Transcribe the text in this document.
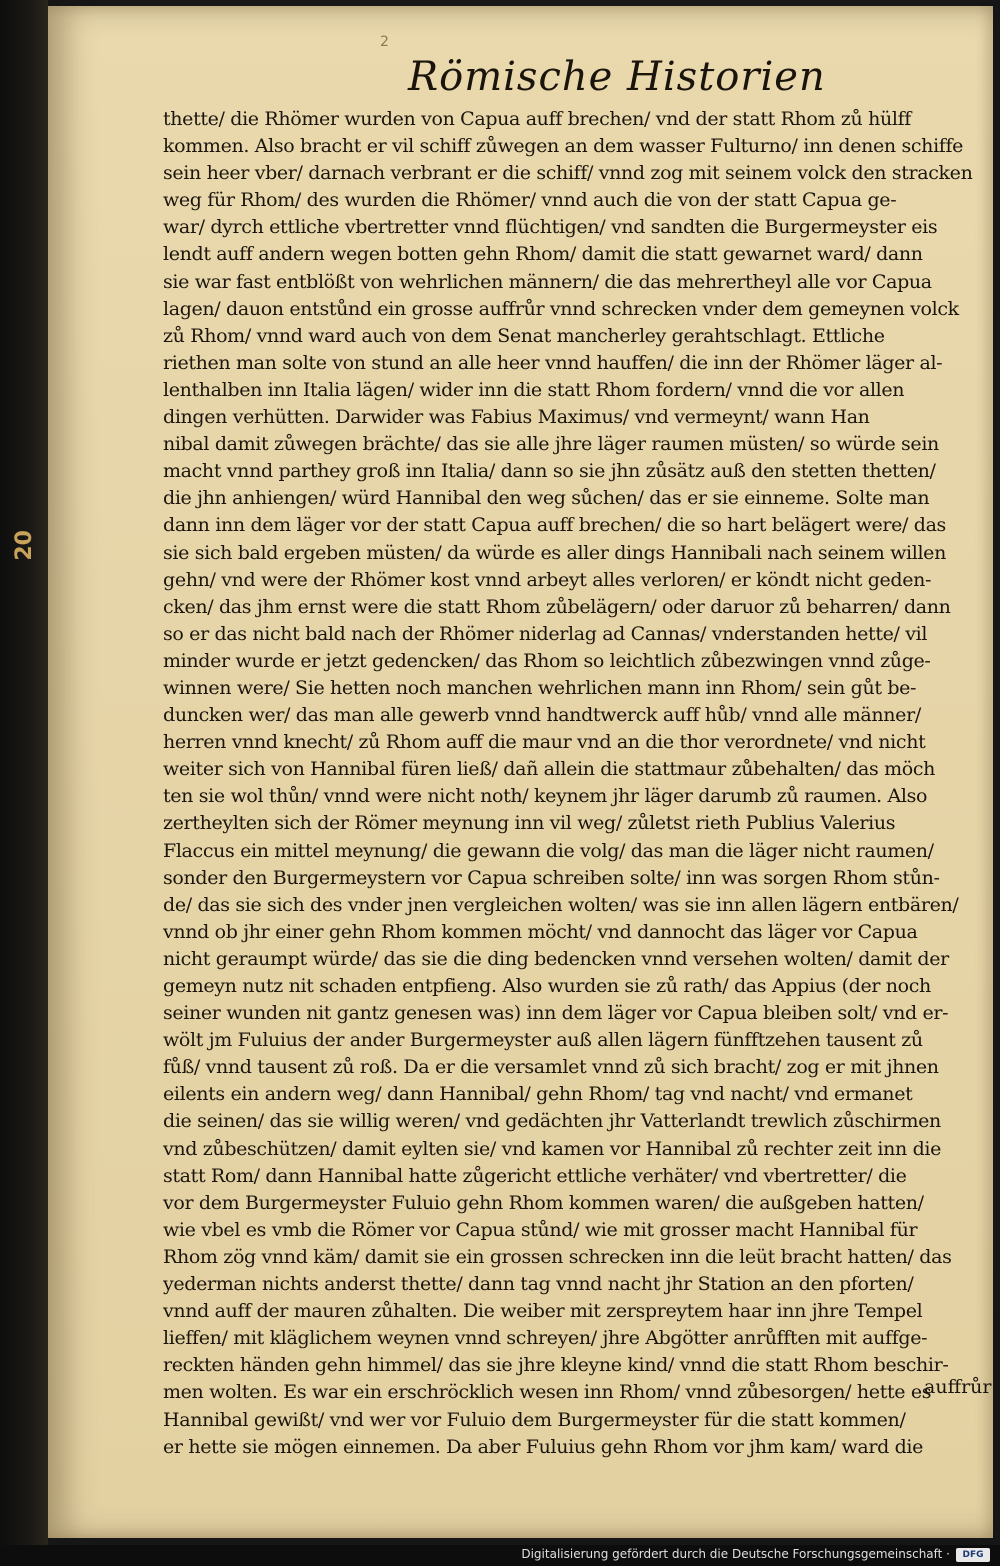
20
2
Römische Historien
thette/ die Rhömer wurden von Capua auff brechen/ vnd der statt Rhom zů hülff
kommen. Also bracht er vil schiff zůwegen an dem wasser Fulturno/ inn denen schiffe
sein heer vber/ darnach verbrant er die schiff/ vnnd zog mit seinem volck den stracken
weg für Rhom/ des wurden die Rhömer/ vnnd auch die von der statt Capua ge-
war/ dyrch ettliche vbertretter vnnd flüchtigen/ vnd sandten die Burgermeyster eis
lendt auff andern wegen botten gehn Rhom/ damit die statt gewarnet ward/ dann
sie war fast entblößt von wehrlichen männern/ die das mehrertheyl alle vor Capua
lagen/ dauon entstůnd ein grosse auffrůr vnnd schrecken vnder dem gemeynen volck
zů Rhom/ vnnd ward auch von dem Senat mancherley gerahtschlagt. Ettliche
riethen man solte von stund an alle heer vnnd hauffen/ die inn der Rhömer läger al-
lenthalben inn Italia lägen/ wider inn die statt Rhom fordern/ vnnd die vor allen
dingen verhütten. Darwider was Fabius Maximus/ vnd vermeynt/ wann Han
nibal damit zůwegen brächte/ das sie alle jhre läger raumen müsten/ so würde sein
macht vnnd parthey groß inn Italia/ dann so sie jhn zůsätz auß den stetten thetten/
die jhn anhiengen/ würd Hannibal den weg sůchen/ das er sie einneme. Solte man
dann inn dem läger vor der statt Capua auff brechen/ die so hart belägert were/ das
sie sich bald ergeben müsten/ da würde es aller dings Hannibali nach seinem willen
gehn/ vnd were der Rhömer kost vnnd arbeyt alles verloren/ er köndt nicht geden-
cken/ das jhm ernst were die statt Rhom zůbelägern/ oder daruor zů beharren/ dann
so er das nicht bald nach der Rhömer niderlag ad Cannas/ vnderstanden hette/ vil
minder wurde er jetzt gedencken/ das Rhom so leichtlich zůbezwingen vnnd zůge-
winnen were/ Sie hetten noch manchen wehrlichen mann inn Rhom/ sein gůt be-
duncken wer/ das man alle gewerb vnnd handtwerck auff hůb/ vnnd alle männer/
herren vnnd knecht/ zů Rhom auff die maur vnd an die thor verordnete/ vnd nicht
weiter sich von Hannibal füren ließ/ dañ allein die stattmaur zůbehalten/ das möch
ten sie wol thůn/ vnnd were nicht noth/ keynem jhr läger darumb zů raumen. Also
zertheylten sich der Römer meynung inn vil weg/ zůletst rieth Publius Valerius
Flaccus ein mittel meynung/ die gewann die volg/ das man die läger nicht raumen/
sonder den Burgermeystern vor Capua schreiben solte/ inn was sorgen Rhom stůn-
de/ das sie sich des vnder jnen vergleichen wolten/ was sie inn allen lägern entbären/
vnnd ob jhr einer gehn Rhom kommen möcht/ vnd dannocht das läger vor Capua
nicht geraumpt würde/ das sie die ding bedencken vnnd versehen wolten/ damit der
gemeyn nutz nit schaden entpfieng. Also wurden sie zů rath/ das Appius (der noch
seiner wunden nit gantz genesen was) inn dem läger vor Capua bleiben solt/ vnd er-
wölt jm Fuluius der ander Burgermeyster auß allen lägern fünfftzehen tausent zů
fůß/ vnnd tausent zů roß. Da er die versamlet vnnd zů sich bracht/ zog er mit jhnen
eilents ein andern weg/ dann Hannibal/ gehn Rhom/ tag vnd nacht/ vnd ermanet
die seinen/ das sie willig weren/ vnd gedächten jhr Vatterlandt trewlich zůschirmen
vnd zůbeschützen/ damit eylten sie/ vnd kamen vor Hannibal zů rechter zeit inn die
statt Rom/ dann Hannibal hatte zůgericht ettliche verhäter/ vnd vbertretter/ die
vor dem Burgermeyster Fuluio gehn Rhom kommen waren/ die außgeben hatten/
wie vbel es vmb die Römer vor Capua stůnd/ wie mit grosser macht Hannibal für
Rhom zög vnnd käm/ damit sie ein grossen schrecken inn die leüt bracht hatten/ das
yederman nichts anderst thette/ dann tag vnnd nacht jhr Station an den pforten/
vnnd auff der mauren zůhalten. Die weiber mit zerspreytem haar inn jhre Tempel
lieffen/ mit kläglichem weynen vnnd schreyen/ jhre Abgötter anrůfften mit auffge-
reckten händen gehn himmel/ das sie jhre kleyne kind/ vnnd die statt Rhom beschir-
men wolten. Es war ein erschröcklich wesen inn Rhom/ vnnd zůbesorgen/ hette es
Hannibal gewißt/ vnd wer vor Fuluio dem Burgermeyster für die statt kommen/
er hette sie mögen einnemen. Da aber Fuluius gehn Rhom vor jhm kam/ ward die
auffrůr
Digitalisierung gefördert durch die Deutsche Forschungsgemeinschaft ·	DFG
